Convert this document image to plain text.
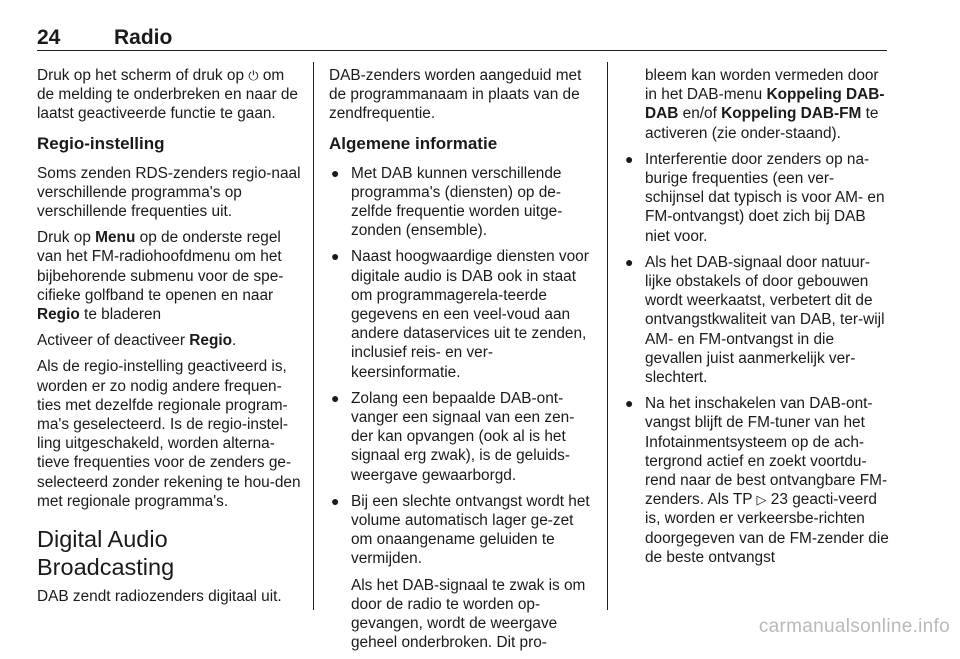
24	Radio

Druk op het scherm of druk op ⏻ om de melding te onderbreken en naar de laatst geactiveerde functie te gaan.

Regio-instelling

Soms zenden RDS-zenders regio-naal verschillende programma's op verschillende frequenties uit.

Druk op Menu op de onderste regel van het FM-radiohoofdmenu om het bijbehorende submenu voor de spe-cifieke golfband te openen en naar Regio te bladeren

Activeer of deactiveer Regio.

Als de regio-instelling geactiveerd is, worden er zo nodig andere frequen-ties met dezelfde regionale program-ma's geselecteerd. Is de regio-instel-ling uitgeschakeld, worden alterna-tieve frequenties voor de zenders ge-selecteerd zonder rekening te hou-den met regionale programma's.

Digital Audio Broadcasting

DAB zendt radiozenders digitaal uit.

DAB-zenders worden aangeduid met de programmanaam in plaats van de zendfrequentie.

Algemene informatie
● Met DAB kunnen verschillende programma's (diensten) op de-zelfde frequentie worden uitge-zonden (ensemble).
● Naast hoogwaardige diensten voor digitale audio is DAB ook in staat om programmagerela-teerde gegevens en een veel-voud aan andere dataservices uit te zenden, inclusief reis- en ver-keersinformatie.
● Zolang een bepaalde DAB-ont-vanger een signaal van een zen-der kan opvangen (ook al is het signaal erg zwak), is de geluids-weergave gewaarborgd.
● Bij een slechte ontvangst wordt het volume automatisch lager ge-zet om onaangename geluiden te vermijden.
Als het DAB-signaal te zwak is om door de radio te worden op-gevangen, wordt de weergave geheel onderbroken. Dit pro-
bleem kan worden vermeden door in het DAB-menu Koppeling DAB-DAB en/of Koppeling DAB-FM te activeren (zie onder-staand).
● Interferentie door zenders op na-burige frequenties (een ver-schijnsel dat typisch is voor AM- en FM-ontvangst) doet zich bij DAB niet voor.
● Als het DAB-signaal door natuur-lijke obstakels of door gebouwen wordt weerkaatst, verbetert dit de ontvangstkwaliteit van DAB, ter-wijl AM- en FM-ontvangst in die gevallen juist aanmerkelijk ver-slechtert.
● Na het inschakelen van DAB-ont-vangst blijft de FM-tuner van het Infotainmentsysteem op de ach-tergrond actief en zoekt voortdu-rend naar de best ontvangbare FM-zenders. Als TP ▷ 23 geacti-veerd is, worden er verkeersbe-richten doorgegeven van de FM-zender die de beste ontvangst
carmanualsonline.info
